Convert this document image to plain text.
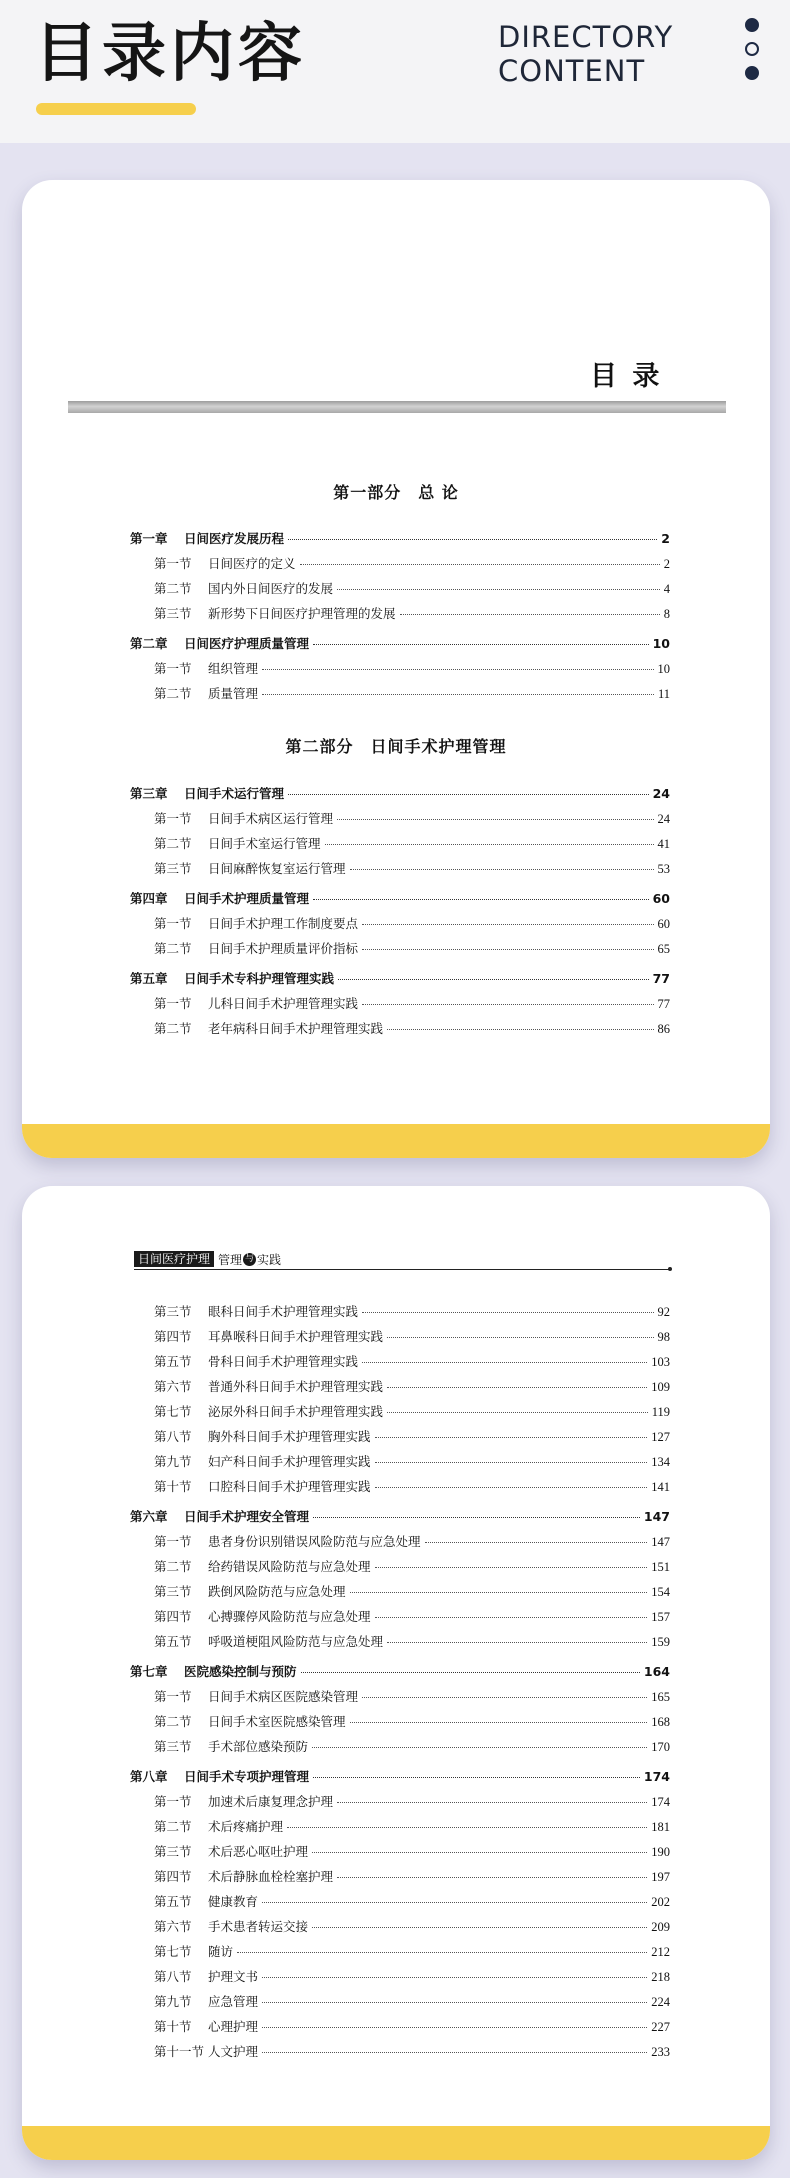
目录内容	DIRECTORY
CONTENT
目 录
第一部分　总 论
第二部分　日间手术护理管理
第一章	日间医疗发展历程	2
第一节	日间医疗的定义	2
第二节	国内外日间医疗的发展	4
第三节	新形势下日间医疗护理管理的发展	8
第二章	日间医疗护理质量管理	10
第一节	组织管理	10
第二节	质量管理	11
第三章	日间手术运行管理	24
第一节	日间手术病区运行管理	24
第二节	日间手术室运行管理	41
第三节	日间麻醉恢复室运行管理	53
第四章	日间手术护理质量管理	60
第一节	日间手术护理工作制度要点	60
第二节	日间手术护理质量评价指标	65
第五章	日间手术专科护理管理实践	77
第一节	儿科日间手术护理管理实践	77
第二节	老年病科日间手术护理管理实践	86
日间医疗护理 管理 与 实践
第三节	眼科日间手术护理管理实践	92
第四节	耳鼻喉科日间手术护理管理实践	98
第五节	骨科日间手术护理管理实践	103
第六节	普通外科日间手术护理管理实践	109
第七节	泌尿外科日间手术护理管理实践	119
第八节	胸外科日间手术护理管理实践	127
第九节	妇产科日间手术护理管理实践	134
第十节	口腔科日间手术护理管理实践	141
第六章	日间手术护理安全管理	147
第一节	患者身份识别错误风险防范与应急处理	147
第二节	给药错误风险防范与应急处理	151
第三节	跌倒风险防范与应急处理	154
第四节	心搏骤停风险防范与应急处理	157
第五节	呼吸道梗阻风险防范与应急处理	159
第七章	医院感染控制与预防	164
第一节	日间手术病区医院感染管理	165
第二节	日间手术室医院感染管理	168
第三节	手术部位感染预防	170
第八章	日间手术专项护理管理	174
第一节	加速术后康复理念护理	174
第二节	术后疼痛护理	181
第三节	术后恶心呕吐护理	190
第四节	术后静脉血栓栓塞护理	197
第五节	健康教育	202
第六节	手术患者转运交接	209
第七节	随访	212
第八节	护理文书	218
第九节	应急管理	224
第十节	心理护理	227
第十一节 人文护理	233
